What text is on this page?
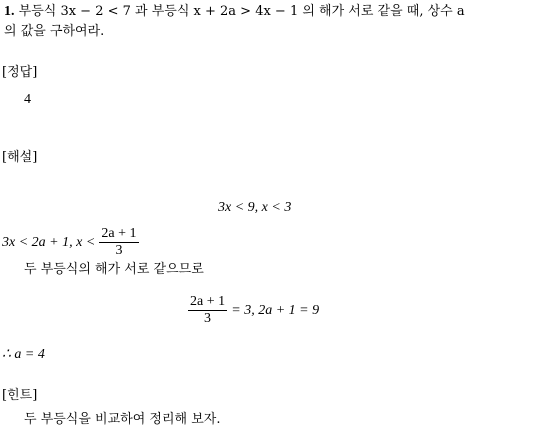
1. 부등식 3x − 2 < 7 과 부등식 x + 2a > 4x − 1 의 해가 서로 같을 때, 상수 a
의 값을 구하여라.
[정답]
4
[해설]
3x < 9, x < 3
3x < 2a + 1, $x < \frac{2a + 1}{3}$
두 부등식의 해가 서로 같으므로
$\frac{2a + 1}{3} = 3$, 2a + 1 = 9
∴ a = 4
[힌트]
두 부등식을 비교하여 정리해 보자.
